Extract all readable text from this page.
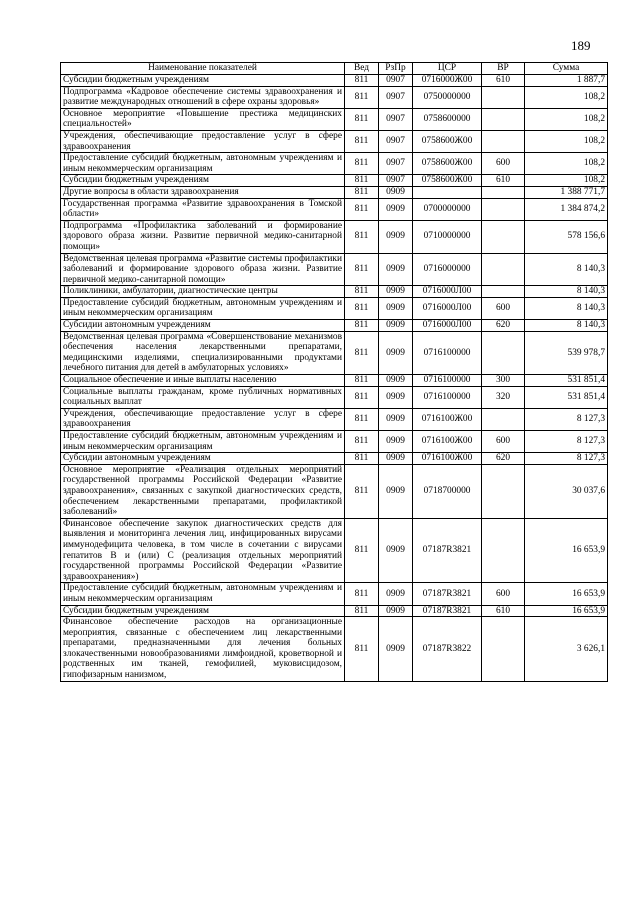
189
Наименование показателей	Вед	РзПр	ЦСР	ВР	Сумма
Субсидии бюджетным учреждениям	811	0907	0716000Ж00	610	1 887,7
Подпрограмма «Кадровое обеспечение системы здравоохранения и развитие международных отношений в сфере охраны здоровья»	811	0907	0750000000		108,2
Основное мероприятие «Повышение престижа медицинских специальностей»	811	0907	0758600000		108,2
Учреждения, обеспечивающие предоставление услуг в сфере здравоохранения	811	0907	0758600Ж00		108,2
Предоставление субсидий бюджетным, автономным учреждениям и иным некоммерческим организациям	811	0907	0758600Ж00	600	108,2
Субсидии бюджетным учреждениям	811	0907	0758600Ж00	610	108,2
Другие вопросы в области здравоохранения	811	0909			1 388 771,7
Государственная программа «Развитие здравоохранения в Томской области»	811	0909	0700000000		1 384 874,2
Подпрограмма «Профилактика заболеваний и формирование здорового образа жизни. Развитие первичной медико-санитарной помощи»	811	0909	0710000000		578 156,6
Ведомственная целевая программа «Развитие системы профилактики заболеваний и формирование здорового образа жизни. Развитие первичной медико-санитарной помощи»	811	0909	0716000000		8 140,3
Поликлиники, амбулатории, диагностические центры	811	0909	0716000Л00		8 140,3
Предоставление субсидий бюджетным, автономным учреждениям и иным некоммерческим организациям	811	0909	0716000Л00	600	8 140,3
Субсидии автономным учреждениям	811	0909	0716000Л00	620	8 140,3
Ведомственная целевая программа «Совершенствование механизмов обеспечения населения лекарственными препаратами, медицинскими изделиями, специализированными продуктами лечебного питания для детей в амбулаторных условиях»	811	0909	0716100000		539 978,7
Социальное обеспечение и иные выплаты населению	811	0909	0716100000	300	531 851,4
Социальные выплаты гражданам, кроме публичных нормативных социальных выплат	811	0909	0716100000	320	531 851,4
Учреждения, обеспечивающие предоставление услуг в сфере здравоохранения	811	0909	0716100Ж00		8 127,3
Предоставление субсидий бюджетным, автономным учреждениям и иным некоммерческим организациям	811	0909	0716100Ж00	600	8 127,3
Субсидии автономным учреждениям	811	0909	0716100Ж00	620	8 127,3
Основное мероприятие «Реализация отдельных мероприятий государственной программы Российской Федерации «Развитие здравоохранения», связанных с закупкой диагностических средств, обеспечением лекарственными препаратами, профилактикой заболеваний»	811	0909	0718700000		30 037,6
Финансовое обеспечение закупок диагностических средств для выявления и мониторинга лечения лиц, инфицированных вирусами иммунодефицита человека, в том числе в сочетании с вирусами гепатитов B и (или) C (реализация отдельных мероприятий государственной программы Российской Федерации «Развитие здравоохранения»)	811	0909	07187R3821		16 653,9
Предоставление субсидий бюджетным, автономным учреждениям и иным некоммерческим организациям	811	0909	07187R3821	600	16 653,9
Субсидии бюджетным учреждениям	811	0909	07187R3821	610	16 653,9
Финансовое обеспечение расходов на организационные мероприятия, связанные с обеспечением лиц лекарственными препаратами, предназначенными для лечения больных злокачественными новообразованиями лимфоидной, кроветворной и родственных им тканей, гемофилией, муковисцидозом, гипофизарным нанизмом,	811	0909	07187R3822		3 626,1
